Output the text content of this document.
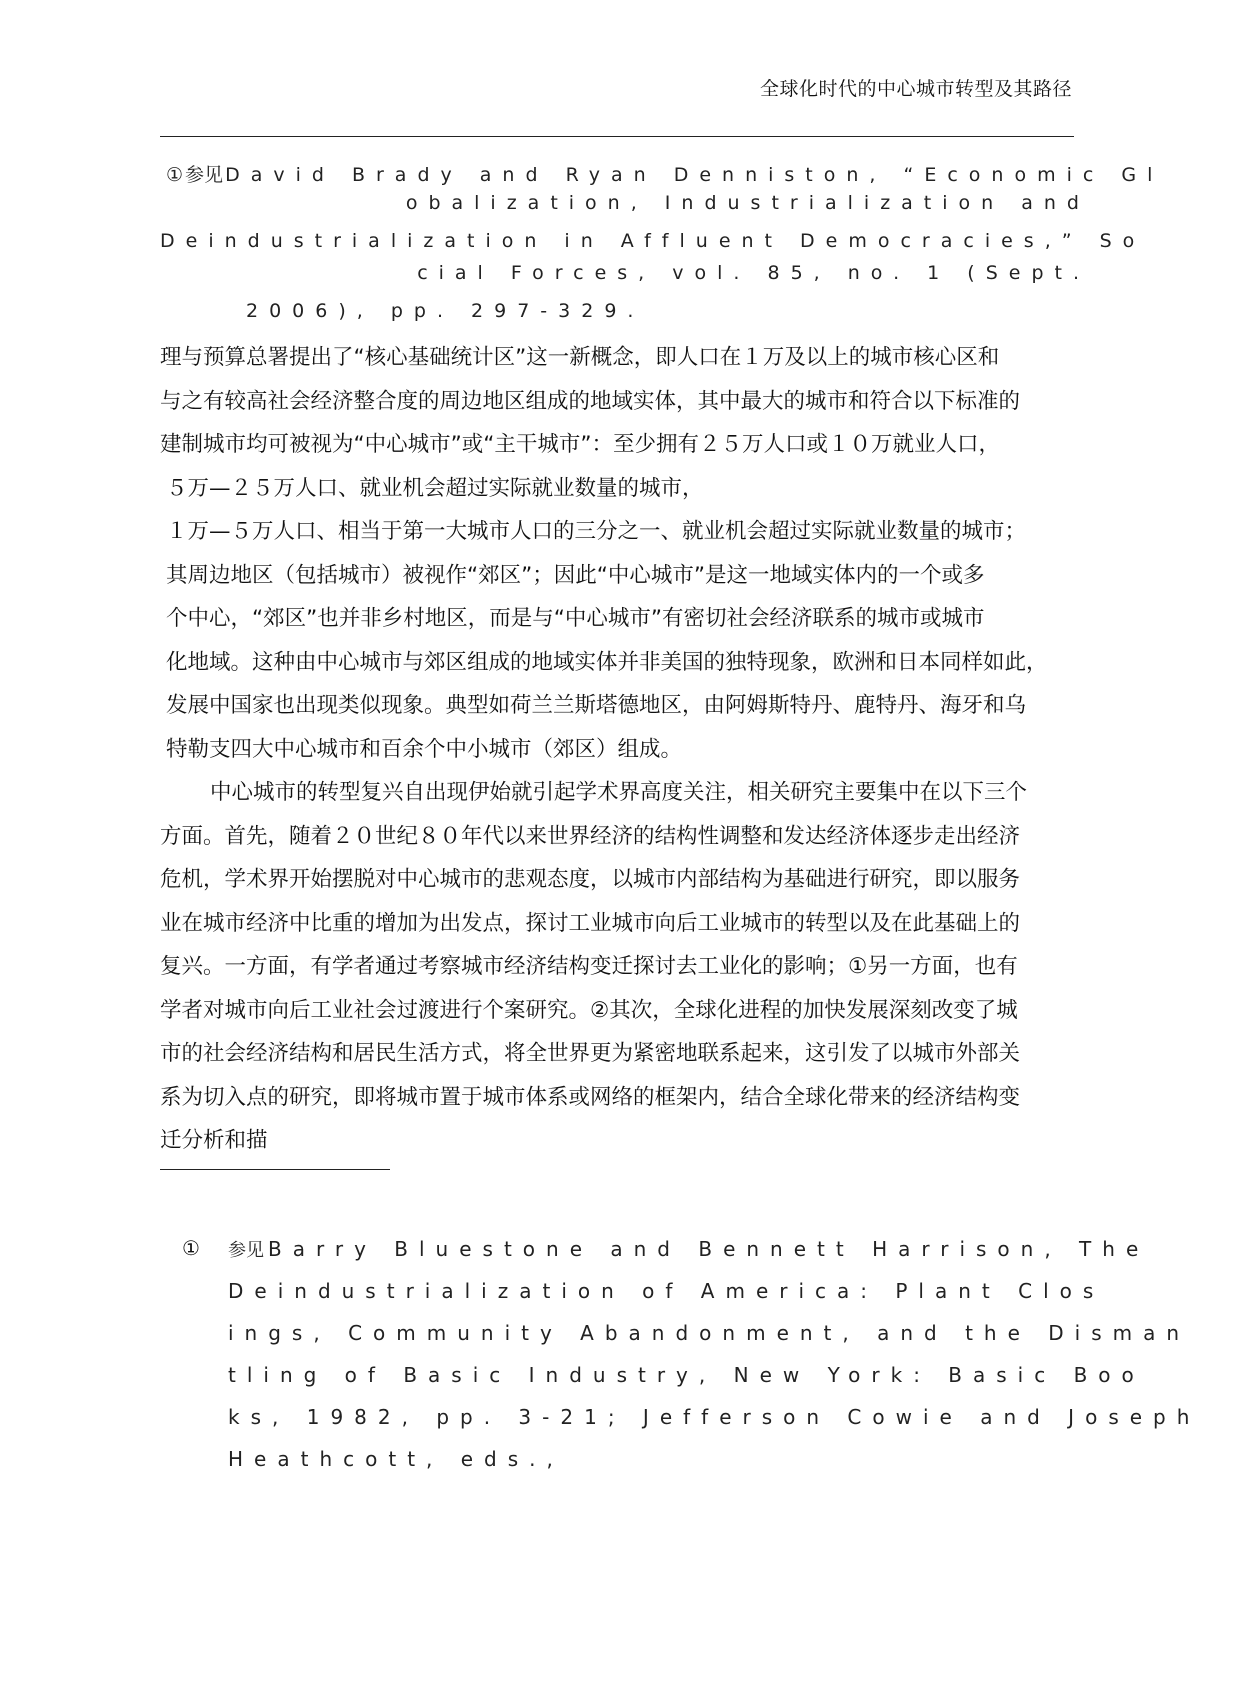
全球化时代的中心城市转型及其路径
① 参见 David Brady and Ryan Denniston, “Economic Gl
obalization, Industrialization and
Deindustrialization in Affluent Democracies,” So
cial Forces, vol. 85, no. 1 (Sept.
2006), pp. 297-329.

理与预算总署提出了“核心基础统计区”这一新概念，即人口在１万及以上的城市核心区和

与之有较高社会经济整合度的周边地区组成的地域实体，其中最大的城市和符合以下标准的

建制城市均可被视为“中心城市”或“主干城市”：至少拥有２５万人口或１０万就业人口，

５万—２５万人口、就业机会超过实际就业数量的城市，

１万—５万人口、相当于第一大城市人口的三分之一、就业机会超过实际就业数量的城市；

其周边地区（包括城市）被视作“郊区”；因此“中心城市”是这一地域实体内的一个或多

个中心，“郊区”也并非乡村地区，而是与“中心城市”有密切社会经济联系的城市或城市

化地域。这种由中心城市与郊区组成的地域实体并非美国的独特现象，欧洲和日本同样如此，

发展中国家也出现类似现象。典型如荷兰兰斯塔德地区，由阿姆斯特丹、鹿特丹、海牙和乌

特勒支四大中心城市和百余个中小城市（郊区）组成。

中心城市的转型复兴自出现伊始就引起学术界高度关注，相关研究主要集中在以下三个

方面。首先，随着２０世纪８０年代以来世界经济的结构性调整和发达经济体逐步走出经济

危机，学术界开始摆脱对中心城市的悲观态度，以城市内部结构为基础进行研究，即以服务

业在城市经济中比重的增加为出发点，探讨工业城市向后工业城市的转型以及在此基础上的

复兴。一方面，有学者通过考察城市经济结构变迁探讨去工业化的影响；①另一方面，也有

学者对城市向后工业社会过渡进行个案研究。②其次，全球化进程的加快发展深刻改变了城

市的社会经济结构和居民生活方式，将全世界更为紧密地联系起来，这引发了以城市外部关

系为切入点的研究，即将城市置于城市体系或网络的框架内，结合全球化带来的经济结构变

迁分析和描

① 参见 Barry Bluestone and Bennett Harrison, The
Deindustrialization of America: Plant Clos
ings, Community Abandonment, and the Disman
tling of Basic Industry, New York: Basic Boo
ks, 1982, pp. 3-21; Jefferson Cowie and Joseph
Heathcott, eds.,
